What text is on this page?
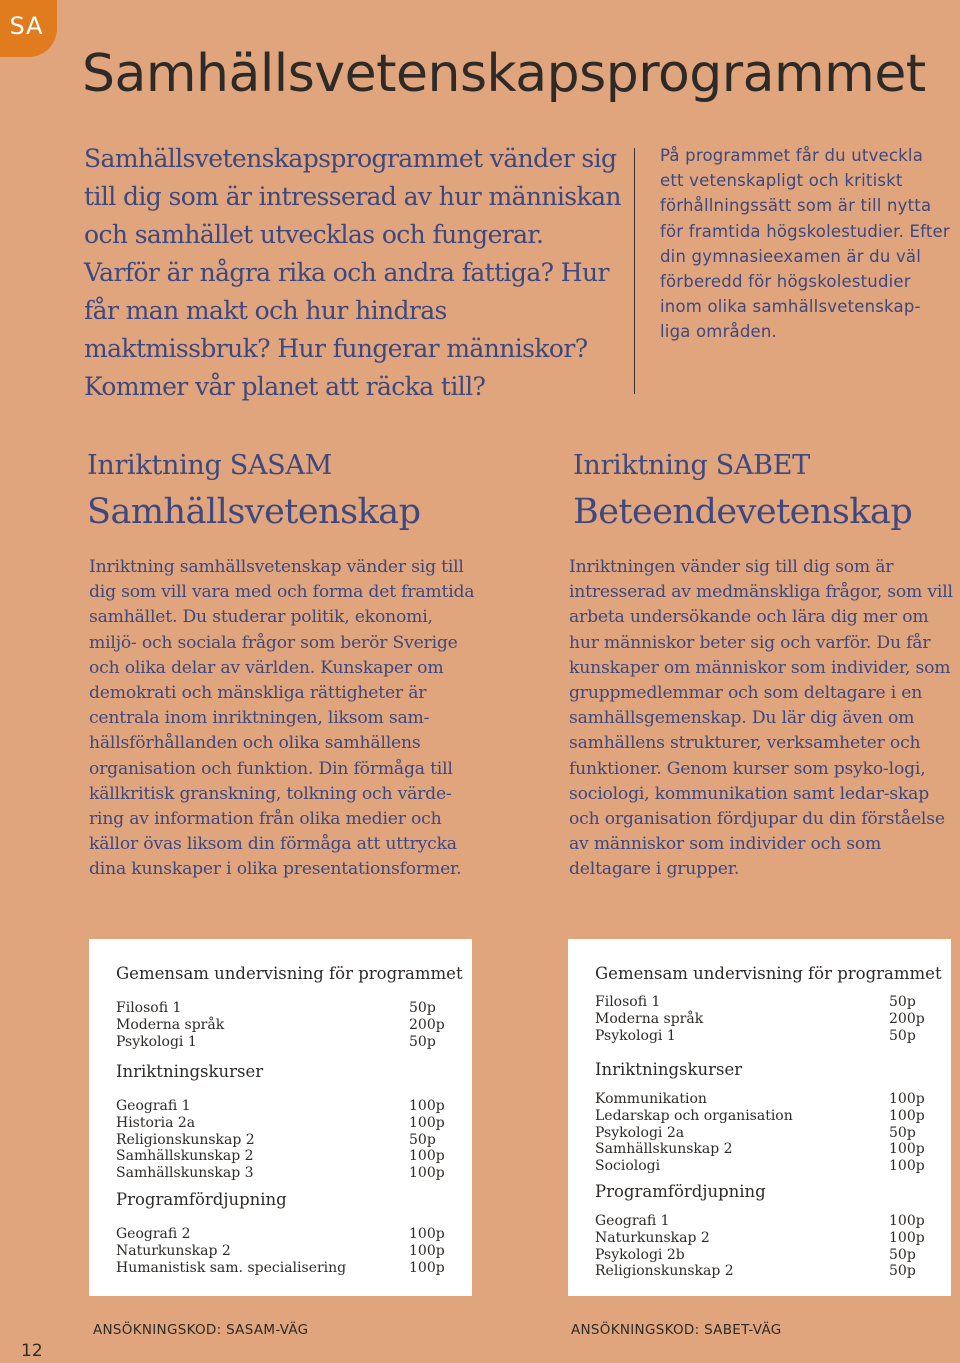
SA
Samhällsvetenskapsprogrammet

Samhällsvetenskapsprogrammet vänder sig till dig som är intresserad av hur människan och samhället utvecklas och fungerar. Varför är några rika och andra fattiga? Hur får man makt och hur hindras maktmissbruk? Hur fungerar människor? Kommer vår planet att räcka till?

På programmet får du utveckla ett vetenskapligt och kritiskt förhållningssätt som är till nytta för framtida högskolestudier. Efter din gymnasieexamen är du väl förberedd för högskolestudier inom olika samhällsvetenskap-liga områden.

Inriktning SASAM
Samhällsvetenskap

Inriktning samhällsvetenskap vänder sig till dig som vill vara med och forma det framtida samhället. Du studerar politik, ekonomi, miljö- och sociala frågor som berör Sverige och olika delar av världen. Kunskaper om demokrati och mänskliga rättigheter är centrala inom inriktningen, liksom sam-hällsförhållanden och olika samhällens organisation och funktion. Din förmåga till källkritisk granskning, tolkning och värde-ring av information från olika medier och källor övas liksom din förmåga att uttrycka dina kunskaper i olika presentationsformer.

Inriktning SABET
Beteendevetenskap

Inriktningen vänder sig till dig som är intresserad av medmänskliga frågor, som vill arbeta undersökande och lära dig mer om hur människor beter sig och varför. Du får kunskaper om människor som individer, som gruppmedlemmar och som deltagare i en samhällsgemenskap. Du lär dig även om samhällens strukturer, verksamheter och funktioner. Genom kurser som psyko-logi, sociologi, kommunikation samt ledar-skap och organisation fördjupar du din förståelse av människor som individer och som deltagare i grupper.

Gemensam undervisning för programmet
Filosofi 1	50p
Moderna språk	200p
Psykologi 1	50p
Inriktningskurser
Geografi 1	100p
Historia 2a	100p
Religionskunskap 2	50p
Samhällskunskap 2	100p
Samhällskunskap 3	100p
Programfördjupning
Geografi 2	100p
Naturkunskap 2	100p
Humanistisk sam. specialisering	100p
Gemensam undervisning för programmet
Filosofi 1	50p
Moderna språk	200p
Psykologi 1	50p
Inriktningskurser
Kommunikation	100p
Ledarskap och organisation	100p
Psykologi 2a	50p
Samhällskunskap 2	100p
Sociologi	100p
Programfördjupning
Geografi 1	100p
Naturkunskap 2	100p
Psykologi 2b	50p
Religionskunskap 2	50p

ANSÖKNINGSKOD: SASAM-VÄG	ANSÖKNINGSKOD: SABET-VÄG

12
